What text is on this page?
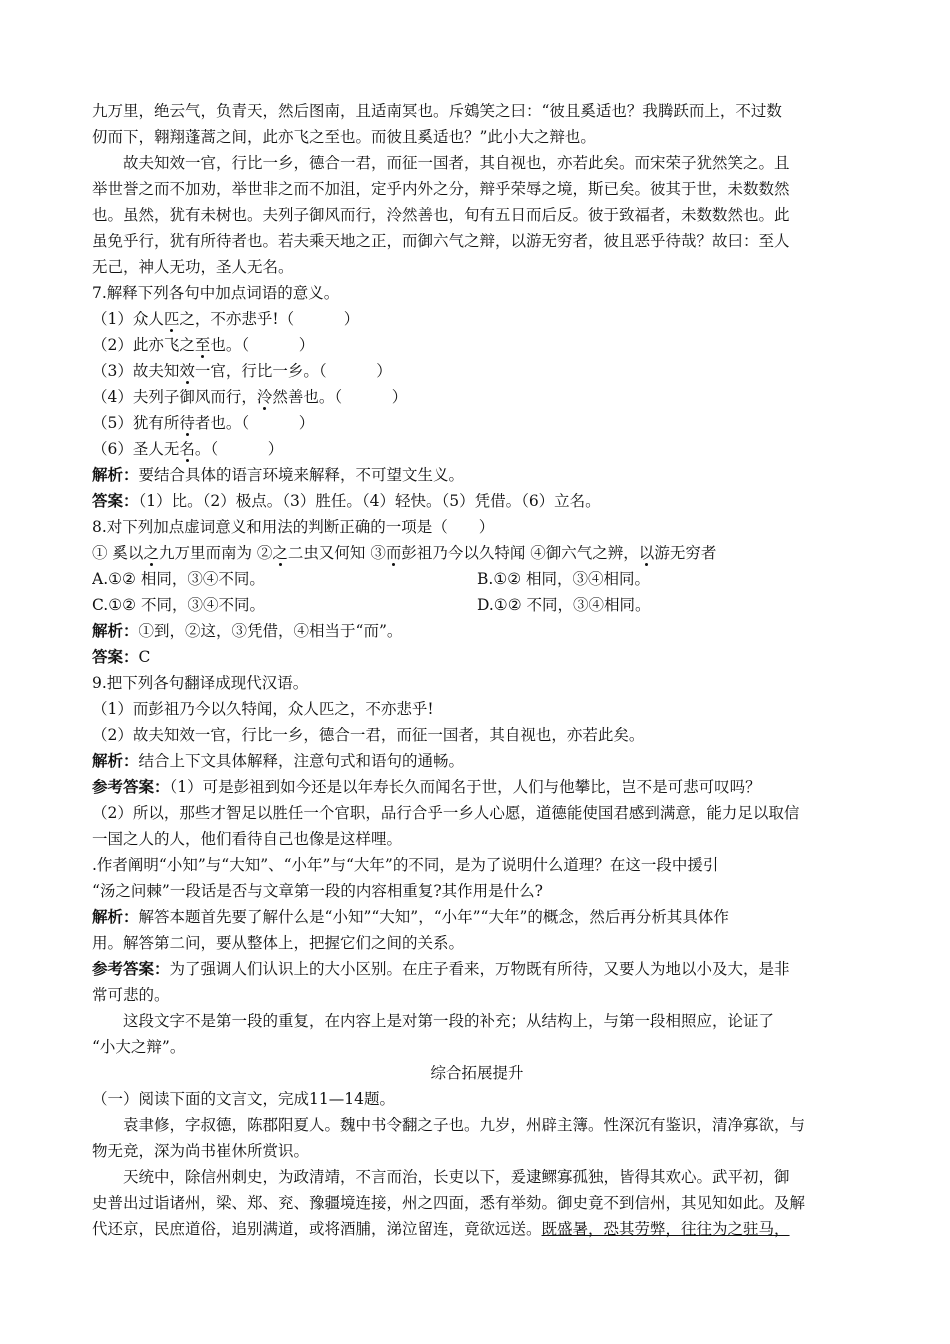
九万里，绝云气，负青天，然后图南，且适南冥也。斥鴳笑之曰：“彼且奚适也？我腾跃而上，不过数
仞而下，翱翔蓬蒿之间，此亦飞之至也。而彼且奚适也？”此小大之辩也。
故夫知效一官，行比一乡，德合一君，而征一国者，其自视也，亦若此矣。而宋荣子犹然笑之。且
举世誉之而不加劝，举世非之而不加沮，定乎内外之分，辩乎荣辱之境，斯已矣。彼其于世，未数数然
也。虽然，犹有未树也。夫列子御风而行，泠然善也，旬有五日而后反。彼于致福者，未数数然也。此
虽免乎行，犹有所待者也。若夫乘天地之正，而御六气之辩，以游无穷者，彼且恶乎待哉？故曰：至人
无己，神人无功，圣人无名。
7.解释下列各句中加点词语的意义。
（1）众人匹之，不亦悲乎!（	）
（2）此亦飞之至也。（	）
（3）故夫知效一官，行比一乡。（	）
（4）夫列子御风而行，泠然善也。（	）
（5）犹有所待者也。（	）
（6）圣人无名。（	）
解析：要结合具体的语言环境来解释，不可望文生义。
答案：（1）比。（2）极点。（3）胜任。（4）轻快。（5）凭借。（6）立名。
8.对下列加点虚词意义和用法的判断正确的一项是（　　）
① 奚以之九万里而南为 ②之二虫又何知 ③而彭祖乃今以久特闻 ④御六气之辨，以游无穷者
A.①② 相同，③④不同。	B.①② 相同，③④相同。
C.①② 不同，③④不同。	D.①② 不同，③④相同。
解析：①到，②这，③凭借，④相当于“而”。
答案：C
9.把下列各句翻译成现代汉语。
（1）而彭祖乃今以久特闻，众人匹之，不亦悲乎!
（2）故夫知效一官，行比一乡，德合一君，而征一国者，其自视也，亦若此矣。
解析：结合上下文具体解释，注意句式和语句的通畅。
参考答案：（1）可是彭祖到如今还是以年寿长久而闻名于世，人们与他攀比，岂不是可悲可叹吗？
（2）所以，那些才智足以胜任一个官职，品行合乎一乡人心愿，道德能使国君感到满意，能力足以取信
一国之人的人，他们看待自己也像是这样哩。
.作者阐明“小知”与“大知”、“小年”与“大年”的不同，是为了说明什么道理？在这一段中援引
“汤之问棘”一段话是否与文章第一段的内容相重复?其作用是什么?
解析：解答本题首先要了解什么是“小知”“大知”，“小年”“大年”的概念，然后再分析其具体作
用。解答第二问，要从整体上，把握它们之间的关系。
参考答案：为了强调人们认识上的大小区别。在庄子看来，万物既有所待，又要人为地以小及大，是非
常可悲的。
这段文字不是第一段的重复，在内容上是对第一段的补充；从结构上，与第一段相照应，论证了
“小大之辩”。
综合拓展提升
（一）阅读下面的文言文，完成11—14题。
袁聿修，字叔德，陈郡阳夏人。魏中书令翻之子也。九岁，州辟主簿。性深沉有鉴识，清净寡欲，与
物无竞，深为尚书崔休所赏识。
天统中，除信州刺史，为政清靖，不言而治，长吏以下，爰逮鳏寡孤独，皆得其欢心。武平初，御
史普出过诣诸州，梁、郑、兖、豫疆境连接，州之四面，悉有举劾。御史竟不到信州，其见知如此。及解
代还京，民庶道俗，追别满道，或将酒脯，涕泣留连，竟欲远送。既盛暑，恐其劳弊，往往为之驻马，
